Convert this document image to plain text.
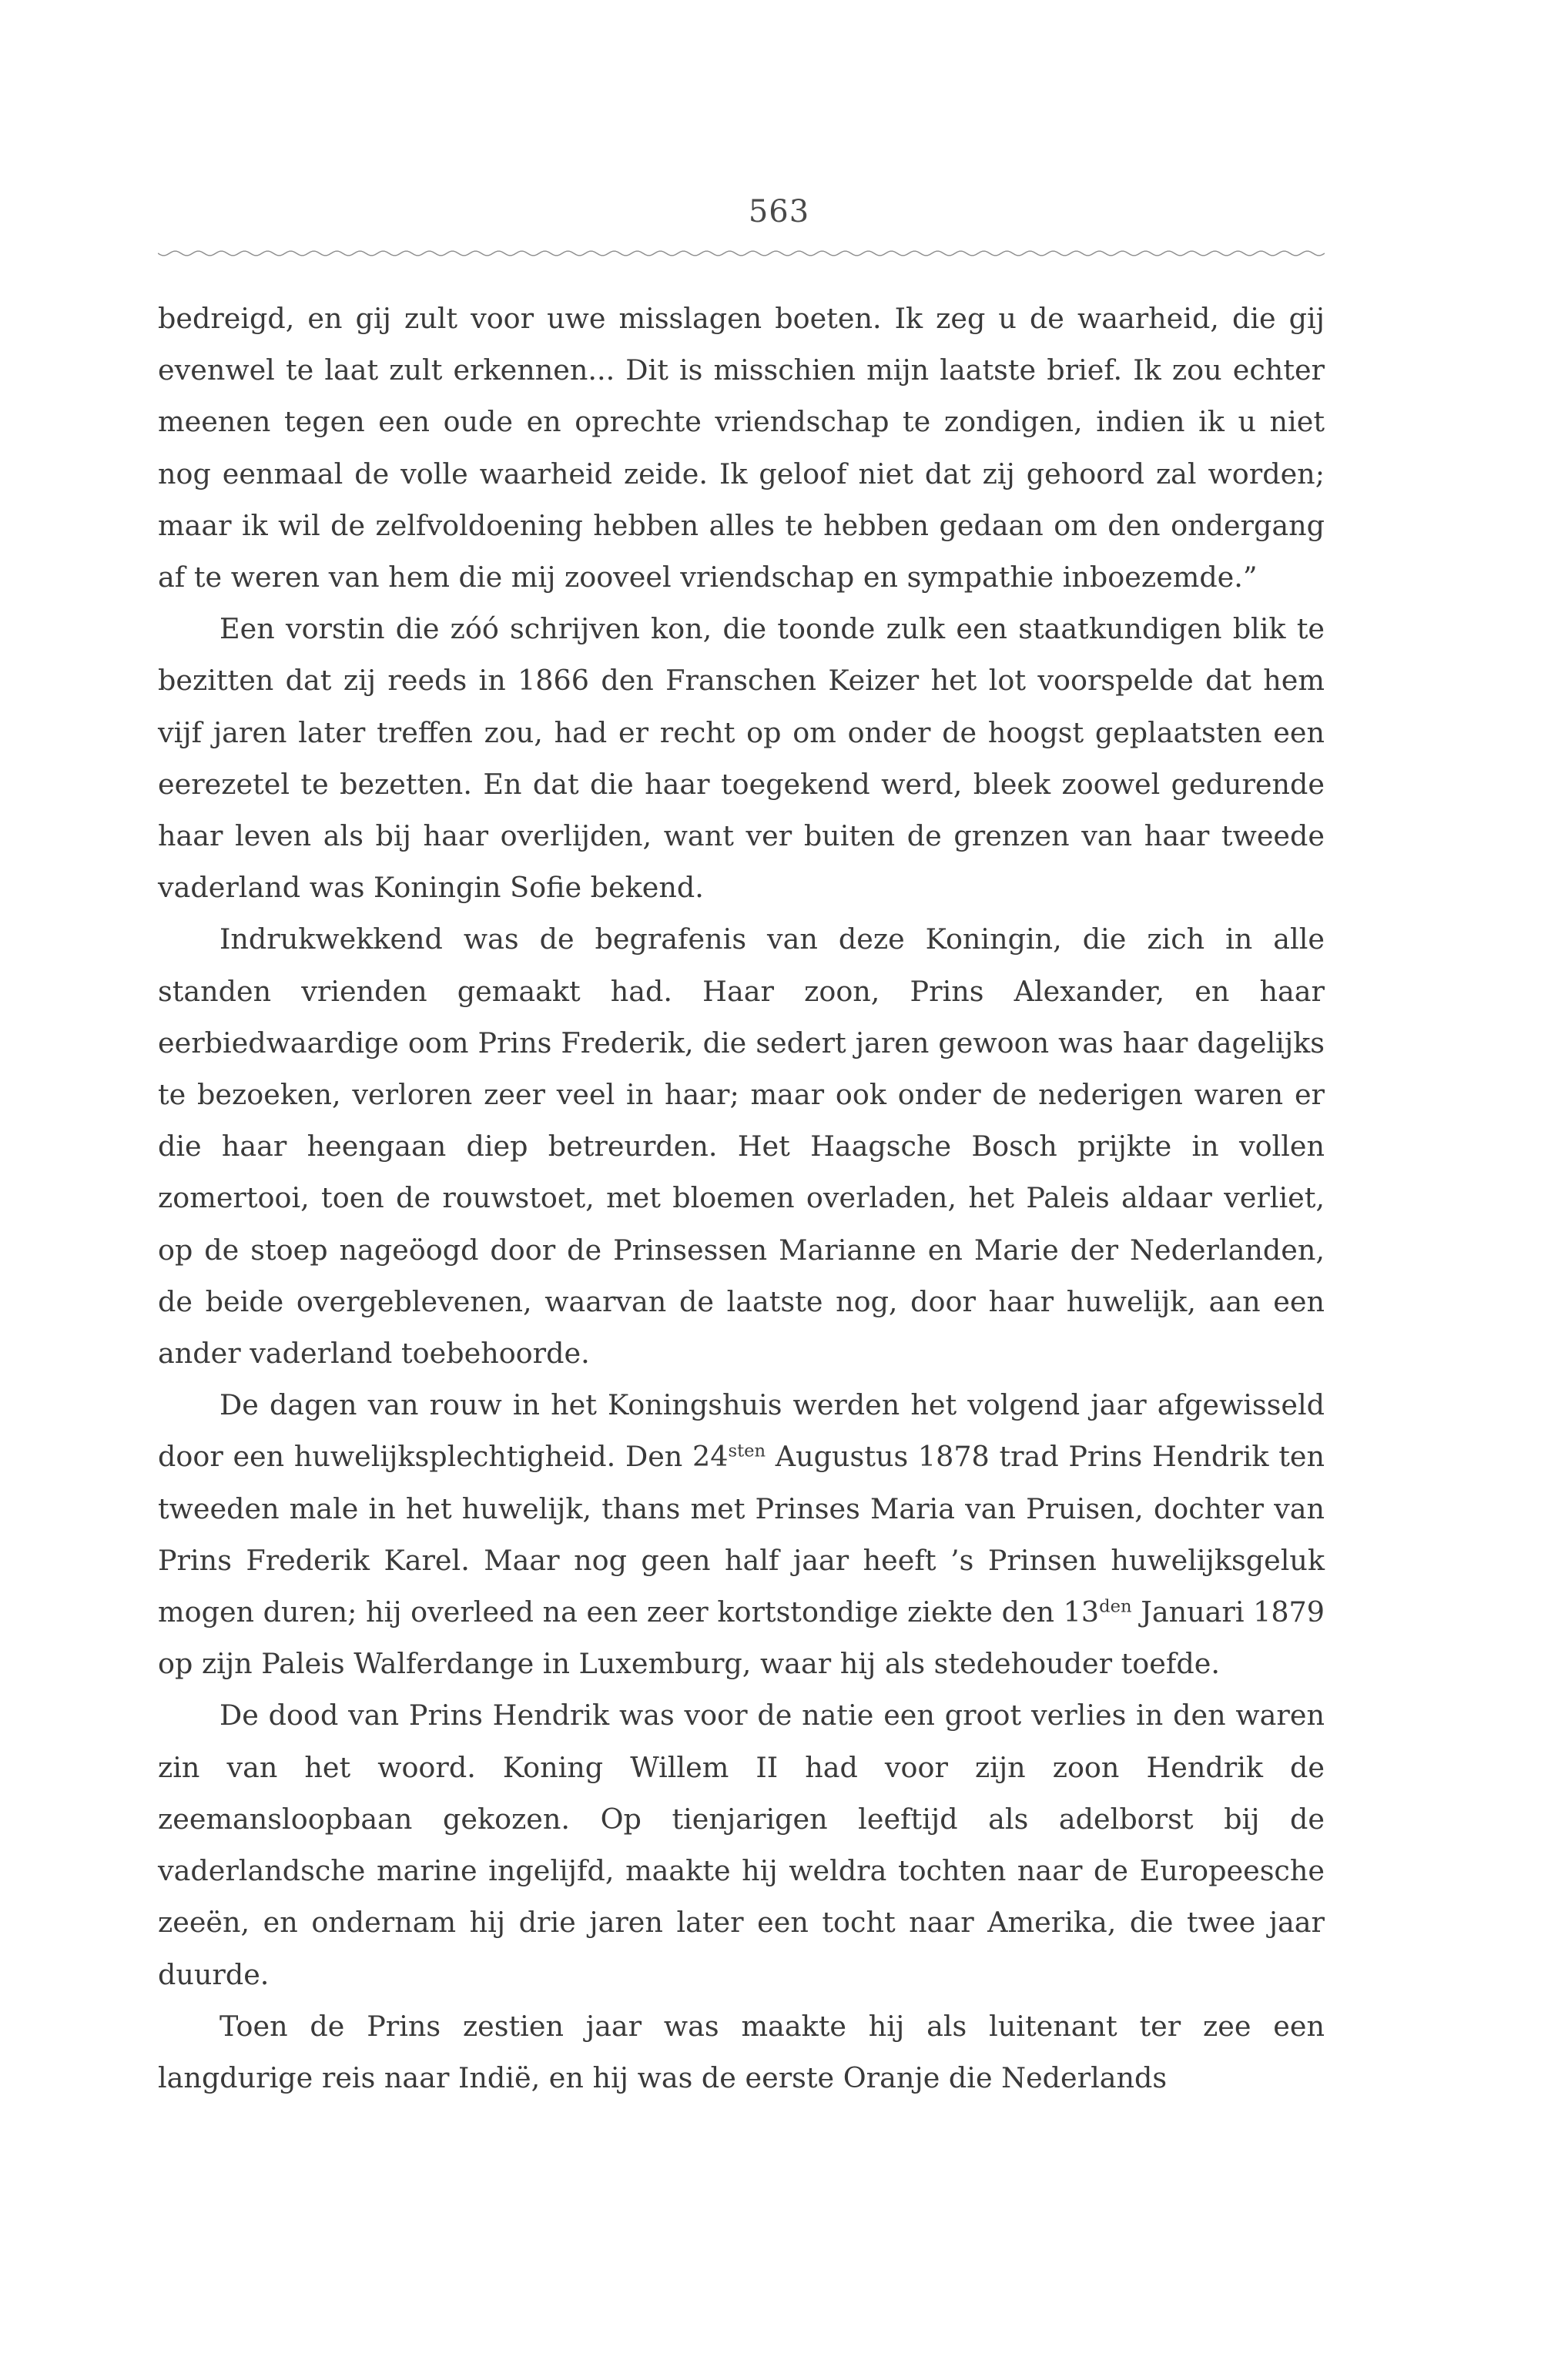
563

bedreigd, en gij zult voor uwe misslagen boeten. Ik zeg u de waarheid, die gij evenwel te laat zult erkennen... Dit is misschien mijn laatste brief. Ik zou echter meenen tegen een oude en oprechte vriendschap te zondigen, indien ik u niet nog eenmaal de volle waarheid zeide. Ik geloof niet dat zij gehoord zal worden; maar ik wil de zelfvoldoening hebben alles te hebben gedaan om den ondergang af te weren van hem die mij zooveel vriendschap en sympathie inboezemde.”

Een vorstin die zóó schrijven kon, die toonde zulk een staatkundigen blik te bezitten dat zij reeds in 1866 den Franschen Keizer het lot voorspelde dat hem vijf jaren later treffen zou, had er recht op om onder de hoogst geplaatsten een eerezetel te bezetten. En dat die haar toegekend werd, bleek zoowel gedurende haar leven als bij haar overlijden, want ver buiten de grenzen van haar tweede vaderland was Koningin Sofie bekend.

Indrukwekkend was de begrafenis van deze Koningin, die zich in alle standen vrienden gemaakt had. Haar zoon, Prins Alexander, en haar eerbiedwaardige oom Prins Frederik, die sedert jaren gewoon was haar dagelijks te bezoeken, verloren zeer veel in haar; maar ook onder de nederigen waren er die haar heengaan diep betreurden. Het Haagsche Bosch prijkte in vollen zomertooi, toen de rouwstoet, met bloemen overladen, het Paleis aldaar verliet, op de stoep nageöogd door de Prinsessen Marianne en Marie der Nederlanden, de beide overgeblevenen, waarvan de laatste nog, door haar huwelijk, aan een ander vaderland toebehoorde.

De dagen van rouw in het Koningshuis werden het volgend jaar afgewisseld door een huwelijksplechtigheid. Den $24^{sten}$ Augustus 1878 trad Prins Hendrik ten tweeden male in het huwelijk, thans met Prinses Maria van Pruisen, dochter van Prins Frederik Karel. Maar nog geen half jaar heeft ’s Prinsen huwelijksgeluk mogen duren; hij overleed na een zeer kortstondige ziekte den $13^{den}$ Januari 1879 op zijn Paleis Walferdange in Luxemburg, waar hij als stedehouder toefde.

De dood van Prins Hendrik was voor de natie een groot verlies in den waren zin van het woord. Koning Willem II had voor zijn zoon Hendrik de zeemansloopbaan gekozen. Op tienjarigen leeftijd als adelborst bij de vaderlandsche marine ingelijfd, maakte hij weldra tochten naar de Europeesche zeeën, en ondernam hij drie jaren later een tocht naar Amerika, die twee jaar duurde.

Toen de Prins zestien jaar was maakte hij als luitenant ter zee een langdurige reis naar Indië, en hij was de eerste Oranje die Nederlands
